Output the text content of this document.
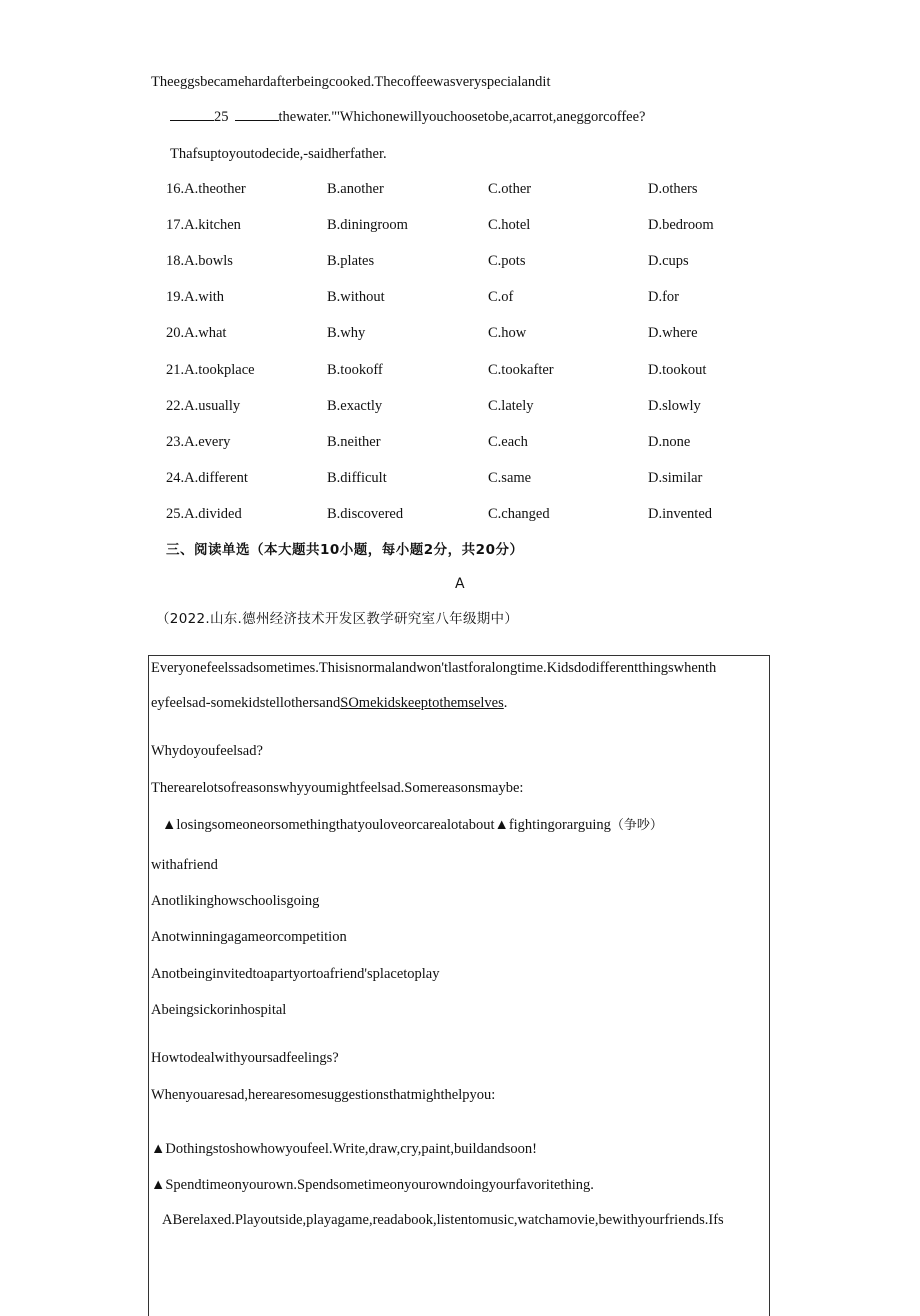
Theeggsbecamehardafterbeingcooked.Thecoffeewasveryspecialandit
25	thewater."'Whichonewillyouchoosetobe,acarrot,aneggorcoffee?
Thafsuptoyoutodecide,-saidherfather.
16.A.theother	B.another	C.other	D.others
17.A.kitchen	B.diningroom	C.hotel	D.bedroom
18.A.bowls	B.plates	C.pots	D.cups
19.A.with	B.without	C.of	D.for
20.A.what	B.why	C.how	D.where
21.A.tookplace	B.tookoff	C.tookafter	D.tookout
22.A.usually	B.exactly	C.lately	D.slowly
23.A.every	B.neither	C.each	D.none
24.A.different	B.difficult	C.same	D.similar
25.A.divided	B.discovered	C.changed	D.invented
三、阅读单选（本大题共10小题，每小题2分，共20分）
A
（2022.山东.德州经济技术开发区教学研究室八年级期中）
Everyonefeelssadsometimes.Thisisnormalandwon'tlastforalongtime.Kidsdodifferentthingswhenth
eyfeelsad-somekidstellothersandSOmekidskeeptothemselves.
Whydoyoufeelsad?
Therearelotsofreasonswhyyoumightfeelsad.Somereasonsmaybe:
▲losingsomeoneorsomethingthatyouloveorcarealotabout▲fightingorarguing（争吵）
withafriend
Anotlikinghowschoolisgoing
Anotwinningagameorcompetition
Anotbeinginvitedtoapartyortoafriend'splacetoplay
Abeingsickorinhospital
Howtodealwithyoursadfeelings?
Whenyouaresad,herearesomesuggestionsthatmighthelpyou:
▲Dothingstoshowhowyoufeel.Write,draw,cry,paint,buildandsoon!
▲Spendtimeonyourown.Spendsometimeonyourowndoingyourfavoritething.
ABerelaxed.Playoutside,playagame,readabook,listentomusic,watchamovie,bewithyourfriends.Ifs
